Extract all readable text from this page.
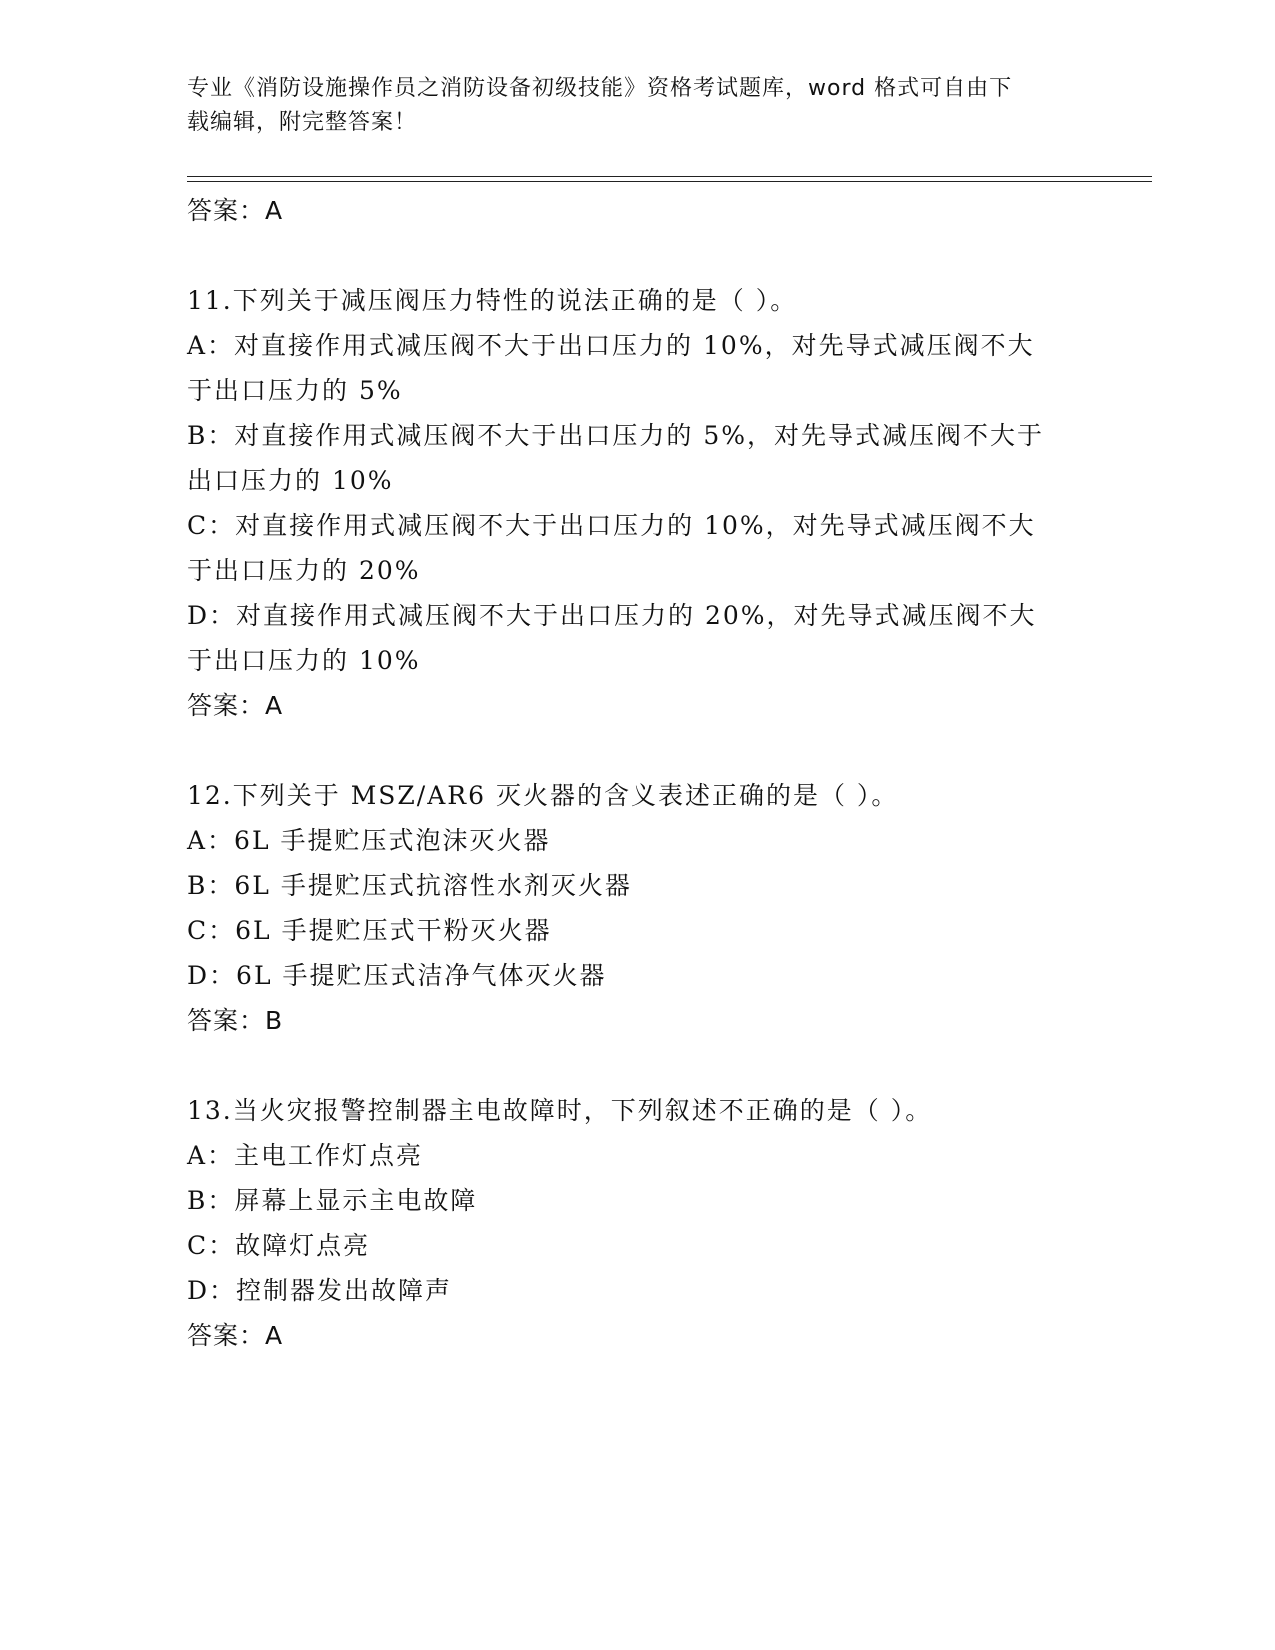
专业《消防设施操作员之消防设备初级技能》资格考试题库，word 格式可自由下
载编辑，附完整答案！
答案：A
11.下列关于减压阀压力特性的说法正确的是（ ）。
A：对直接作用式减压阀不大于出口压力的 10%，对先导式减压阀不大
于出口压力的 5%
B：对直接作用式减压阀不大于出口压力的 5%，对先导式减压阀不大于
出口压力的 10%
C：对直接作用式减压阀不大于出口压力的 10%，对先导式减压阀不大
于出口压力的 20%
D：对直接作用式减压阀不大于出口压力的 20%，对先导式减压阀不大
于出口压力的 10%
答案：A
12.下列关于 MSZ/AR6 灭火器的含义表述正确的是（ ）。
A：6L 手提贮压式泡沫灭火器
B：6L 手提贮压式抗溶性水剂灭火器
C：6L 手提贮压式干粉灭火器
D：6L 手提贮压式洁净气体灭火器
答案：B
13.当火灾报警控制器主电故障时，下列叙述不正确的是（ ）。
A：主电工作灯点亮
B：屏幕上显示主电故障
C：故障灯点亮
D：控制器发出故障声
答案：A
